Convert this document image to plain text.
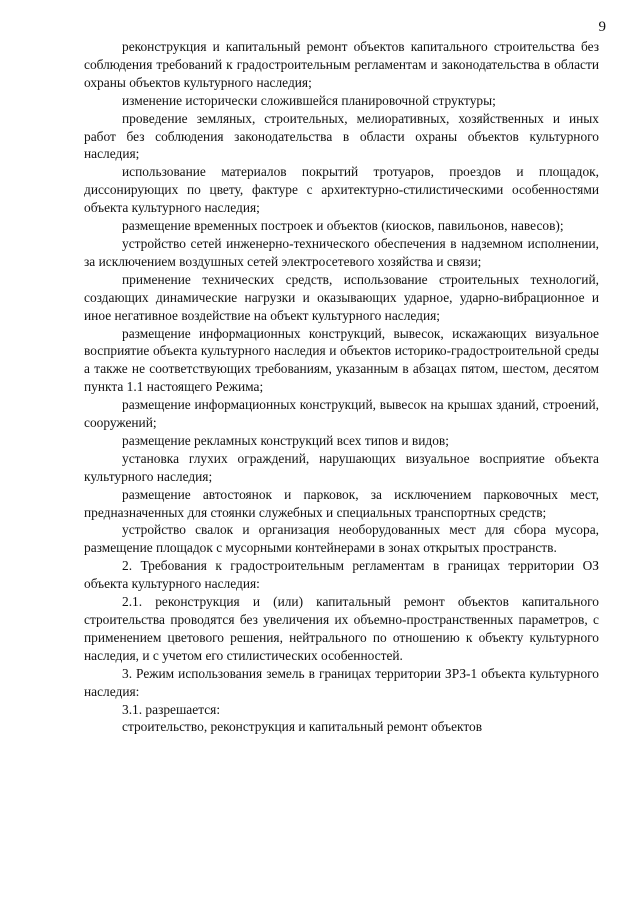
9

реконструкция и капитальный ремонт объектов капитального строительства без соблюдения требований к градостроительным регламентам и законодательства в области охраны объектов культурного наследия;

изменение исторически сложившейся планировочной структуры;

проведение земляных, строительных, мелиоративных, хозяйственных и иных работ без соблюдения законодательства в области охраны объектов культурного наследия;

использование материалов покрытий тротуаров, проездов и площадок, диссонирующих по цвету, фактуре с архитектурно-стилистическими особенностями объекта культурного наследия;

размещение временных построек и объектов (киосков, павильонов, навесов);

устройство сетей инженерно-технического обеспечения в надземном исполнении, за исключением воздушных сетей электросетевого хозяйства и связи;

применение технических средств, использование строительных технологий, создающих динамические нагрузки и оказывающих ударное, ударно-вибрационное и иное негативное воздействие на объект культурного наследия;

размещение информационных конструкций, вывесок, искажающих визуальное восприятие объекта культурного наследия и объектов историко-градостроительной среды а также не соответствующих требованиям, указанным в абзацах пятом, шестом, десятом пункта 1.1 настоящего Режима;

размещение информационных конструкций, вывесок на крышах зданий, строений, сооружений;

размещение рекламных конструкций всех типов и видов;

установка глухих ограждений, нарушающих визуальное восприятие объекта культурного наследия;

размещение автостоянок и парковок, за исключением парковочных мест, предназначенных для стоянки служебных и специальных транспортных средств;

устройство свалок и организация необорудованных мест для сбора мусора, размещение площадок с мусорными контейнерами в зонах открытых пространств.

2. Требования к градостроительным регламентам в границах территории ОЗ объекта культурного наследия:

2.1. реконструкция и (или) капитальный ремонт объектов капитального строительства проводятся без увеличения их объемно-пространственных параметров, с применением цветового решения, нейтрального по отношению к объекту культурного наследия, и с учетом его стилистических особенностей.

3. Режим использования земель в границах территории ЗРЗ-1 объекта культурного наследия:

3.1. разрешается:

строительство, реконструкция и капитальный ремонт объектов
